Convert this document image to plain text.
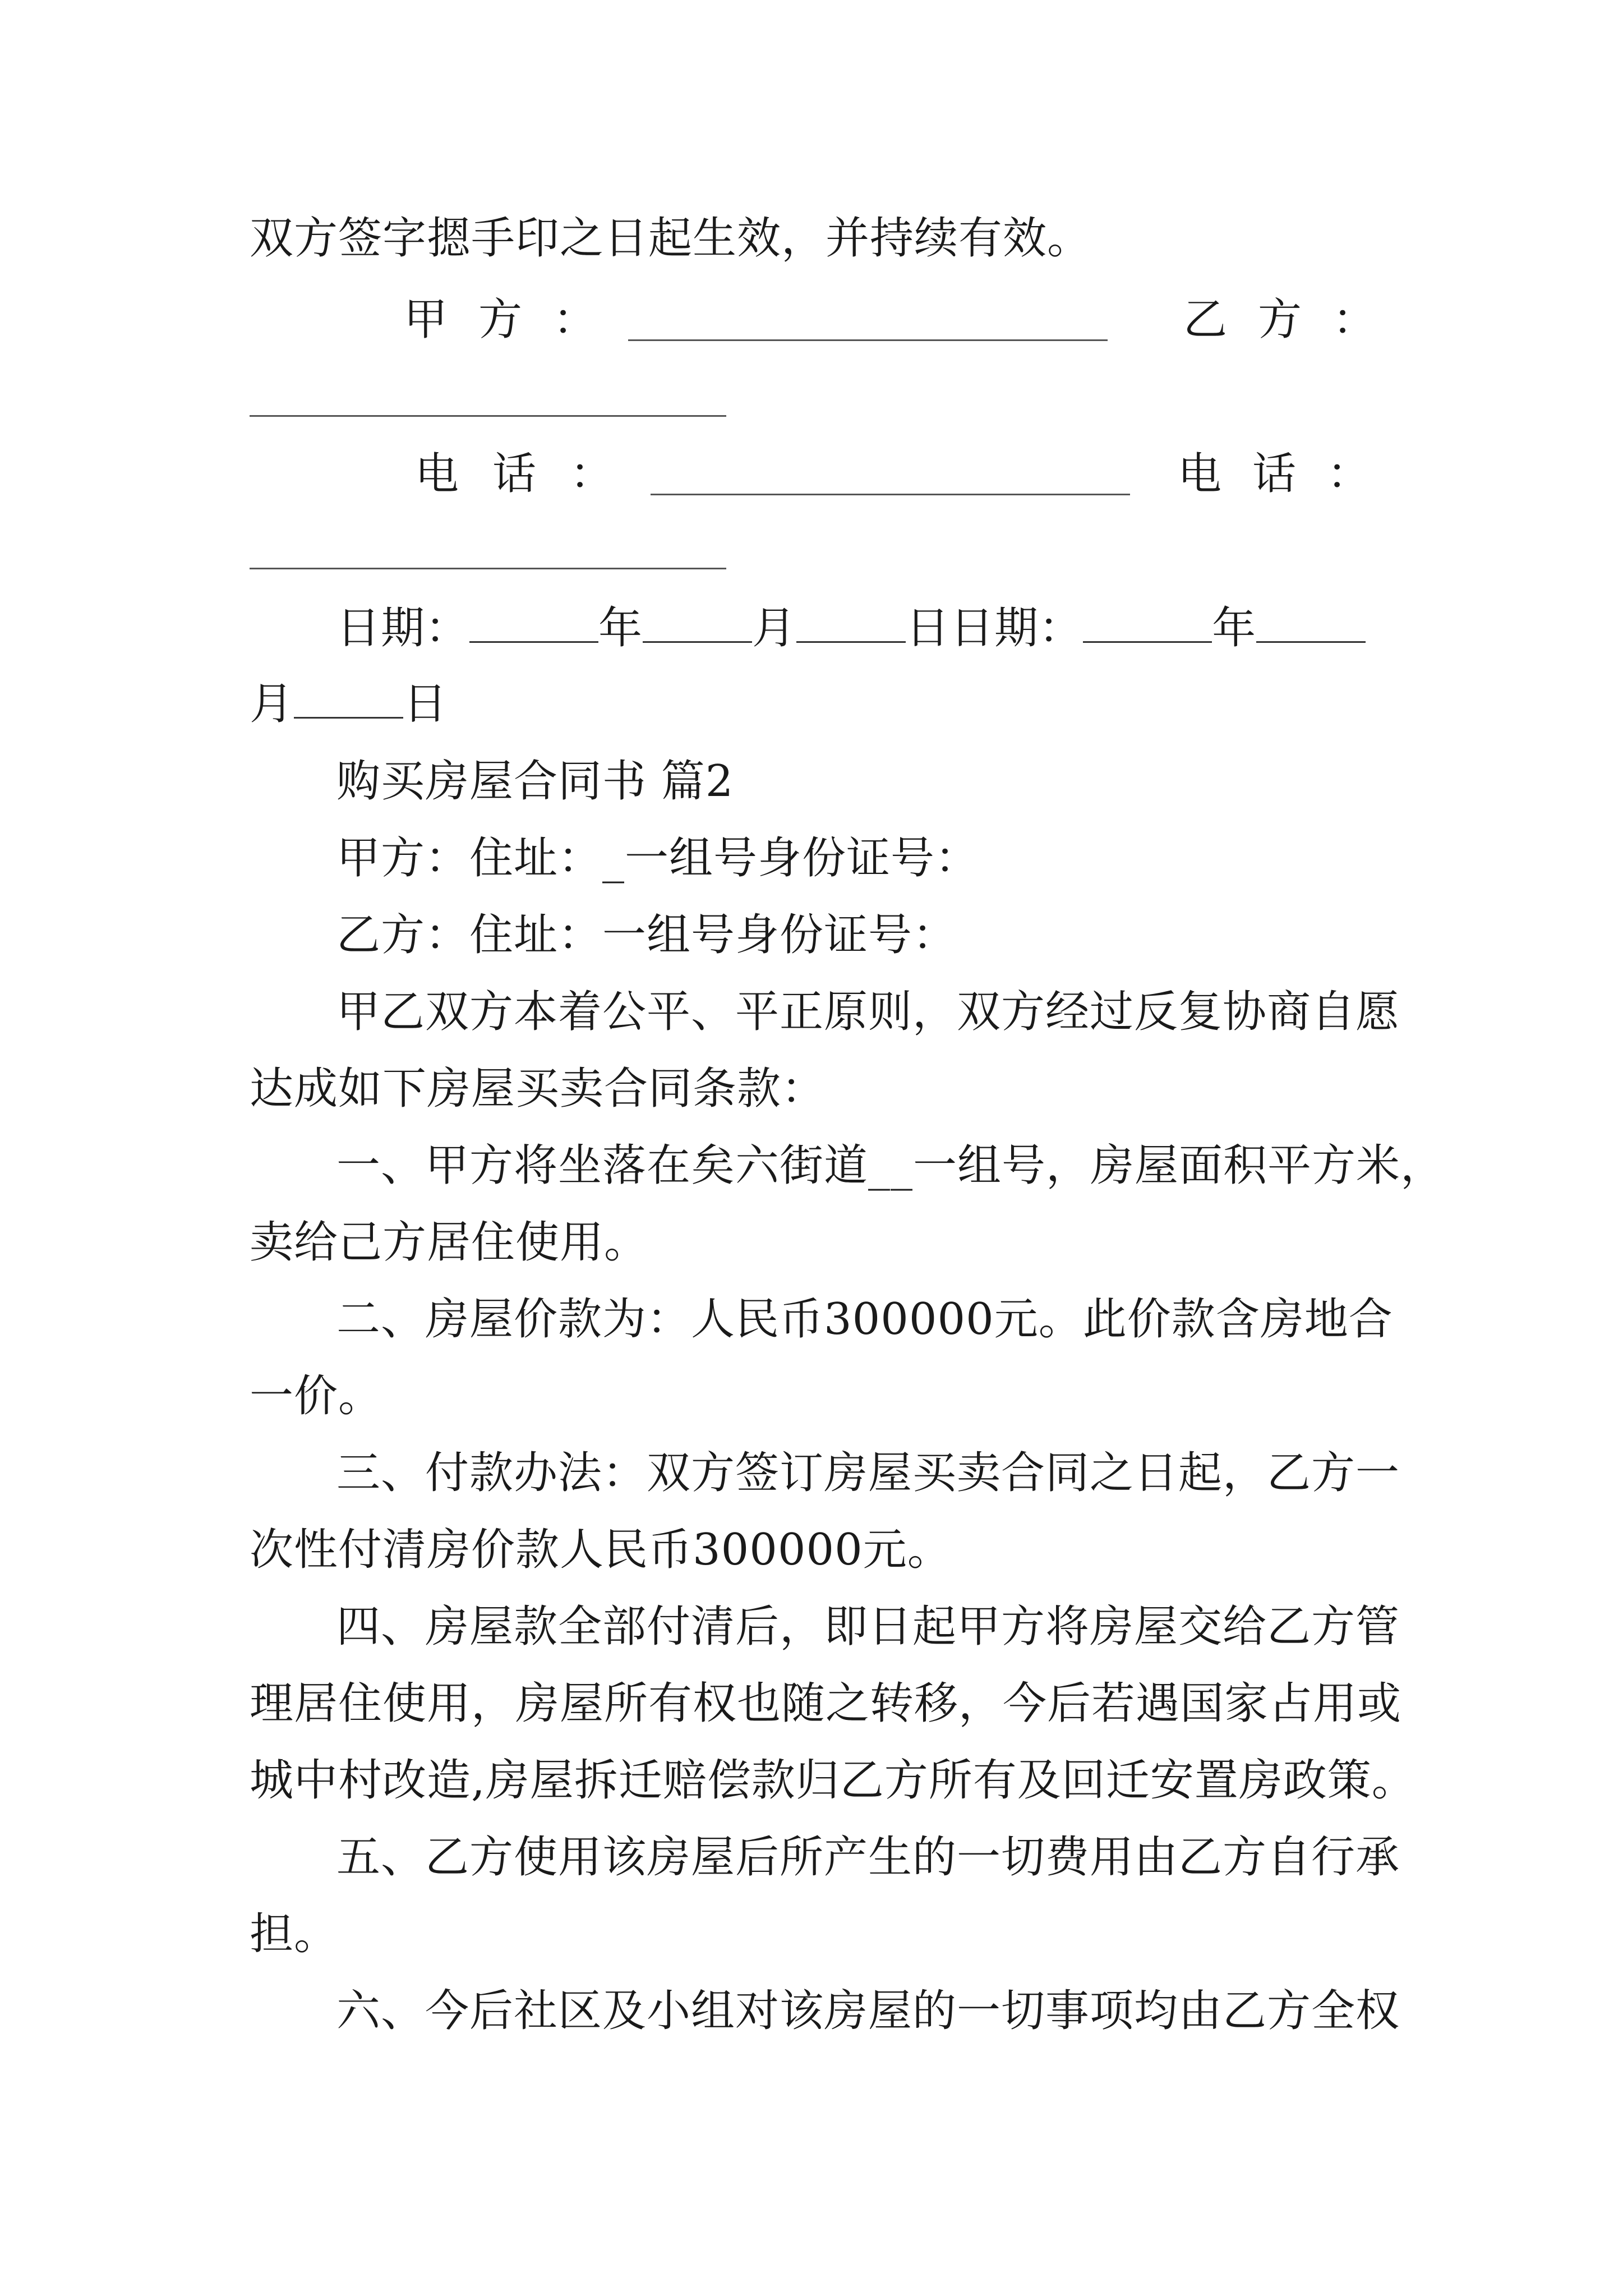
双方签字摁手印之日起生效，并持续有效。
甲 方 ：	乙 方 ：
电 话 ：	电 话 ：
日期：	年	月	日日期：	年
月	日
购买房屋合同书 篇2
甲方：住址：_一组号身份证号：
乙方：住址：一组号身份证号：
甲乙双方本着公平、平正原则，双方经过反复协商自愿
达成如下房屋买卖合同条款：
一、甲方将坐落在矣六街道__一组号，房屋面积平方米，
卖给己方居住使用。
二、房屋价款为：人民币300000元。此价款含房地合
一价。
三、付款办法：双方签订房屋买卖合同之日起，乙方一
次性付清房价款人民币300000元。
四、房屋款全部付清后，即日起甲方将房屋交给乙方管
理居住使用，房屋所有权也随之转移，今后若遇国家占用或
城中村改造,房屋拆迁赔偿款归乙方所有及回迁安置房政策。
五、乙方使用该房屋后所产生的一切费用由乙方自行承
担。
六、今后社区及小组对该房屋的一切事项均由乙方全权
